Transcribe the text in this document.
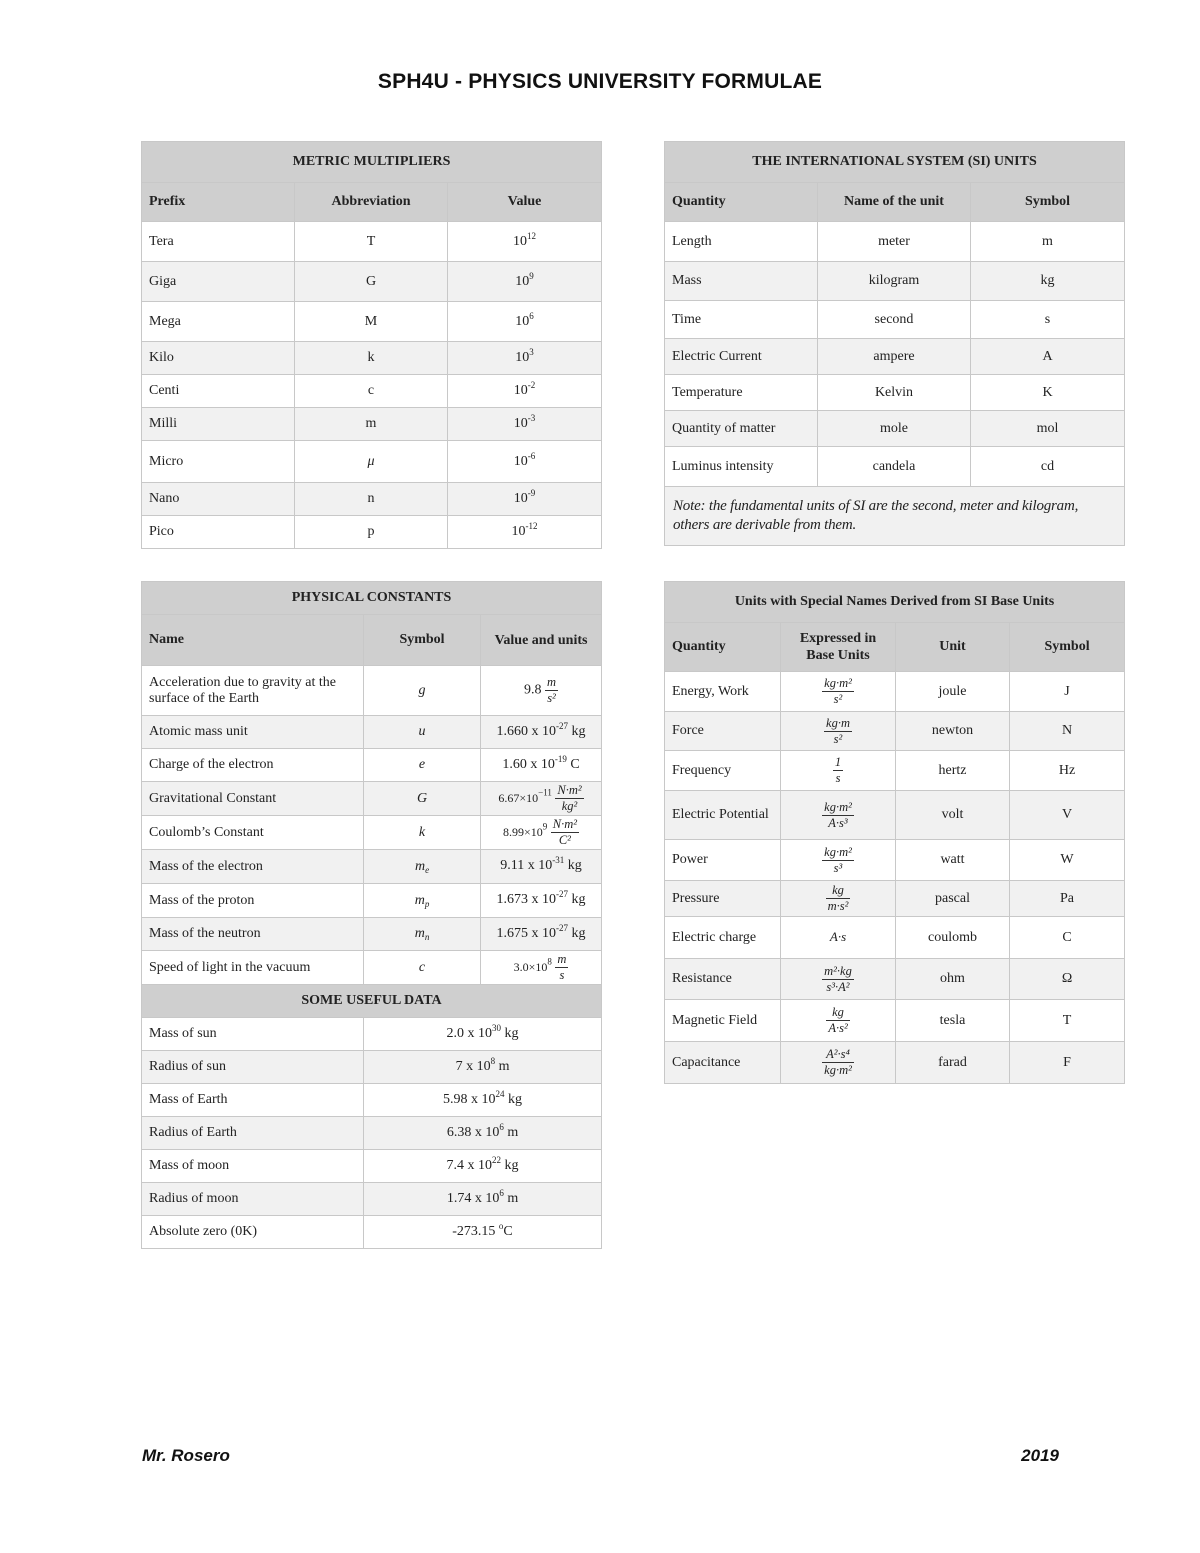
SPH4U - PHYSICS UNIVERSITY FORMULAE
METRIC MULTIPLIERS		
Prefix	Abbreviation	Value
Tera	T	$10^{12}$
Giga	G	$10^9$
Mega	M	$10^6$
Kilo	k	$10^3$
Centi	c	$10^{-2}$
Milli	m	$10^{-3}$
Micro	μ	$10^{-6}$
Nano	n	$10^{-9}$
Pico	p	$10^{-12}$
THE INTERNATIONAL SYSTEM (SI) UNITS		
Quantity	Name of the unit	Symbol
Length	meter	m
Mass	kilogram	kg
Time	second	s
Electric Current	ampere	A
Temperature	Kelvin	K
Quantity of matter	mole	mol
Luminus intensity	candela	cd
Note: the fundamental units of SI are the second, meter and kilogram, others are derivable from them.		
PHYSICAL CONSTANTS		
Name	Symbol	Value and units
Acceleration due to gravity at the surface of the Earth	g	$9.8 \frac{m}{\text{s²}}$

Atomic mass unit	u	1.660 x $10^{-27}$ kg
Charge of the electron	e	1.60 x $10^{-19}$ C
Gravitational Constant	G	$6.67\times 10^{-11} \frac{\text{N·m²}}{\text{kg²}}$

Coulomb’s Constant	k	$8.99\times 10^9 \frac{\text{N·m²}}{\text{C²}}$

Mass of the electron	$m_e$	9.11 x $10^{-31}$ kg
Mass of the proton	$m_p$	1.673 x $10^{-27}$ kg
Mass of the neutron	$m_n$	1.675 x $10^{-27}$ kg
Speed of light in the vacuum	c	$3.0\times 10^8 \frac{m}{s}$

SOME USEFUL DATA		
Mass of sun	2.0 x $10^{30}$ kg	
Radius of sun	7 x $10^8$ m	
Mass of Earth	5.98 x $10^{24}$ kg	
Radius of Earth	6.38 x $10^6$ m	
Mass of moon	7.4 x $10^{22}$ kg	
Radius of moon	1.74 x $10^6$ m	
Absolute zero (0K)	-273.15 $^o$C	
Units with Special Names Derived from SI Base Units			
Quantity	Expressed in Base Units	Unit	Symbol
Energy, Work	$\frac{\text{kg·m²}}{\text{s²}}$	joule	J
Force	$\frac{kg\cdot m}{\text{s²}}$	newton	N
Frequency	$\frac{1}{s}$	hertz	Hz
Electric Potential	$\frac{\text{kg·m²}}{\text{A·s³}}$	volt	V
Power	$\frac{\text{kg·m²}}{\text{s³}}$	watt	W
Pressure	$\frac{kg}{\text{m·s²}}$	pascal	Pa
Electric charge	A·s	coulomb	C
Resistance	$\frac{\text{m²·kg}}{\text{s³·A²}}$	ohm	Ω
Magnetic Field	$\frac{kg}{\text{A·s²}}$	tesla	T
Capacitance	$\frac{\text{A²·s⁴}}{\text{kg·m²}}$	farad	F
Mr. Rosero	2019
